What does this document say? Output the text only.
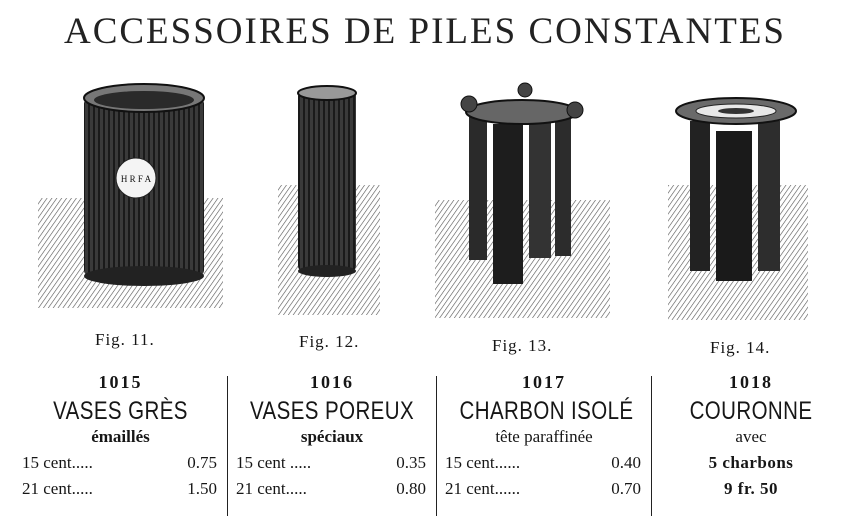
ACCESSOIRES DE PILES CONSTANTES
H R F A
Fig. 11.	Fig. 12.	Fig. 13.	Fig. 14.
1015
VASES GRÈS
émaillés
15 cent.....	0.75
21 cent.....	1.50
1016
VASES POREUX
spéciaux
15 cent .....	0.35
21 cent.....	0.80
1017
CHARBON ISOLÉ
tête paraffinée
15 cent......	0.40
21 cent......	0.70
1018
COURONNE
avec
5 charbons
9 fr. 50
